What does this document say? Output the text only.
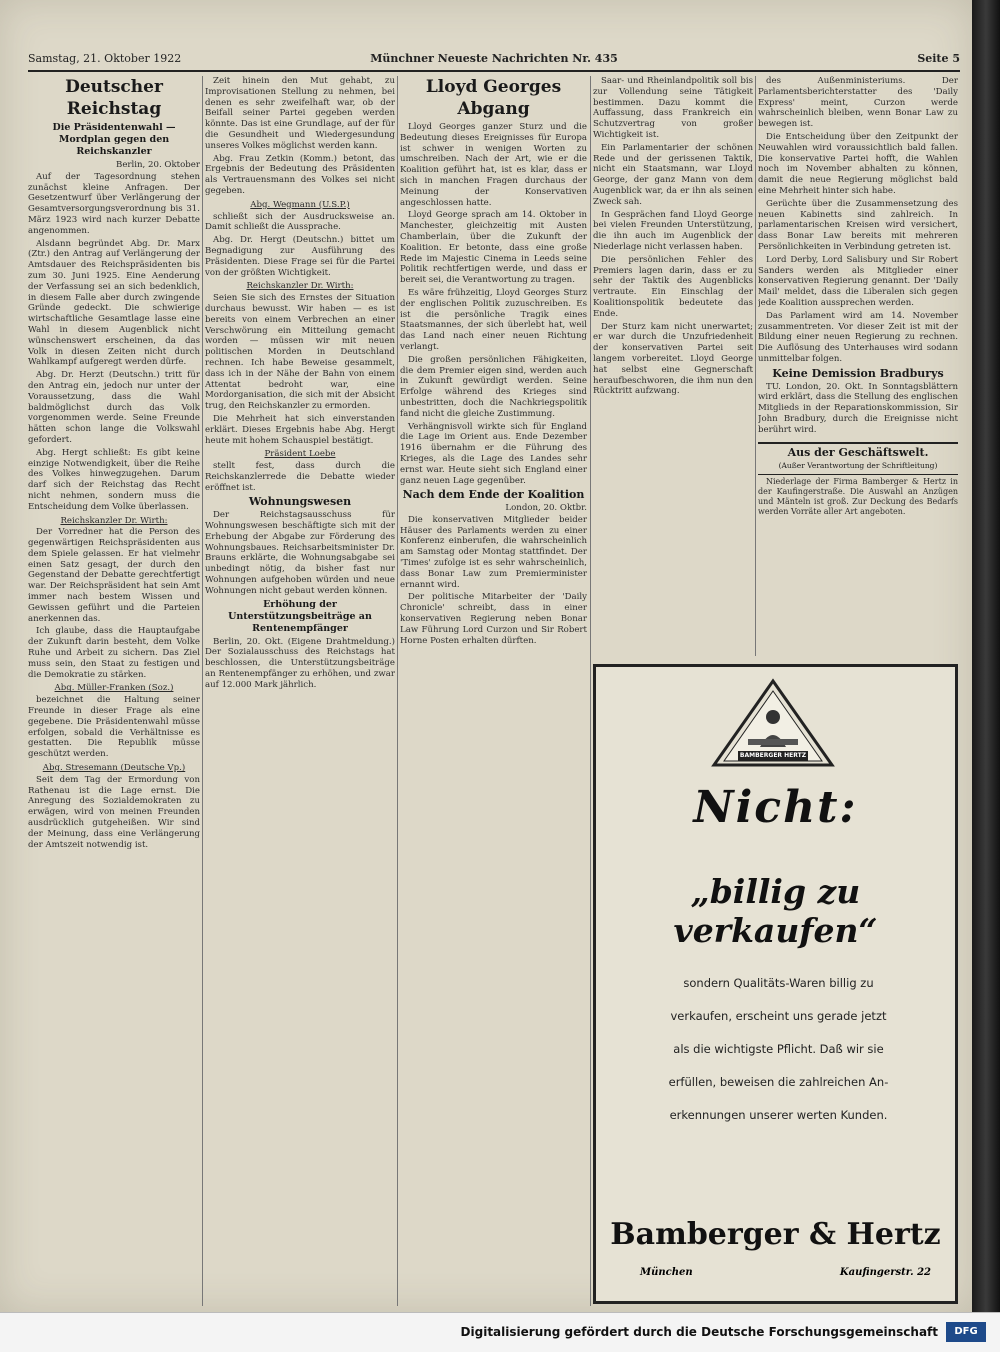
Samstag, 21. Oktober 1922	Münchner Neueste Nachrichten Nr. 435	Seite 5
Deutscher Reichstag
Die Präsidentenwahl — Mordplan gegen den Reichskanzler
Berlin, 20. Oktober

Auf der Tagesordnung stehen zunächst kleine Anfragen. Der Gesetzentwurf über Verlängerung der Gesamtversorgungsverordnung bis 31. März 1923 wird nach kurzer Debatte angenommen.

Alsdann begründet Abg. Dr. Marx (Ztr.) den Antrag auf Verlängerung der Amtsdauer des Reichspräsidenten bis zum 30. Juni 1925. Eine Aenderung der Verfassung sei an sich bedenklich, in diesem Falle aber durch zwingende Gründe gedeckt. Die schwierige wirtschaftliche Gesamtlage lasse eine Wahl in diesem Augenblick nicht wünschenswert erscheinen, da das Volk in diesen Zeiten nicht durch Wahlkampf aufgeregt werden dürfe.

Abg. Dr. Herzt (Deutschn.) tritt für den Antrag ein, jedoch nur unter der Voraussetzung, dass die Wahl baldmöglichst durch das Volk vorgenommen werde. Seine Freunde hätten schon lange die Volkswahl gefordert.

Abg. Hergt schließt: Es gibt keine einzige Notwendigkeit, über die Reihe des Volkes hinwegzugehen. Darum darf sich der Reichstag das Recht nicht nehmen, sondern muss die Entscheidung dem Volke überlassen.

Reichskanzler Dr. Wirth:

Der Vorredner hat die Person des gegenwärtigen Reichspräsidenten aus dem Spiele gelassen. Er hat vielmehr einen Satz gesagt, der durch den Gegenstand der Debatte gerechtfertigt war. Der Reichspräsident hat sein Amt immer nach bestem Wissen und Gewissen geführt und die Parteien anerkennen das.

Ich glaube, dass die Hauptaufgabe der Zukunft darin besteht, dem Volke Ruhe und Arbeit zu sichern. Das Ziel muss sein, den Staat zu festigen und die Demokratie zu stärken.

Abg. Müller-Franken (Soz.)

bezeichnet die Haltung seiner Freunde in dieser Frage als eine gegebene. Die Präsidentenwahl müsse erfolgen, sobald die Verhältnisse es gestatten. Die Republik müsse geschützt werden.

Abg. Stresemann (Deutsche Vp.)

Seit dem Tag der Ermordung von Rathenau ist die Lage ernst. Die Anregung des Sozialdemokraten zu erwägen, wird von meinen Freunden ausdrücklich gutgeheißen. Wir sind der Meinung, dass eine Verlängerung der Amtszeit notwendig ist.

Zeit hinein den Mut gehabt, zu Improvisationen Stellung zu nehmen, bei denen es sehr zweifelhaft war, ob der Beifall seiner Partei gegeben werden könnte. Das ist eine Grundlage, auf der für die Gesundheit und Wiedergesundung unseres Volkes möglichst werden kann.

Abg. Frau Zetkin (Komm.) betont, das Ergebnis der Bedeutung des Präsidenten als Vertrauensmann des Volkes sei nicht gegeben.

Abg. Wegmann (U.S.P.)

schließt sich der Ausdrucksweise an. Damit schließt die Aussprache.

Abg. Dr. Hergt (Deutschn.) bittet um Begnadigung zur Ausführung des Präsidenten. Diese Frage sei für die Partei von der größten Wichtigkeit.

Reichskanzler Dr. Wirth:

Seien Sie sich des Ernstes der Situation durchaus bewusst. Wir haben — es ist bereits von einem Verbrechen an einer Verschwörung ein Mitteilung gemacht worden — müssen wir mit neuen politischen Morden in Deutschland rechnen. Ich habe Beweise gesammelt, dass ich in der Nähe der Bahn von einem Attentat bedroht war, eine Mordorganisation, die sich mit der Absicht trug, den Reichskanzler zu ermorden.

Die Mehrheit hat sich einverstanden erklärt. Dieses Ergebnis habe Abg. Hergt heute mit hohem Schauspiel bestätigt.

Präsident Loebe

stellt fest, dass durch die Reichskanzlerrede die Debatte wieder eröffnet ist.

Wohnungswesen

Der Reichstagsausschuss für Wohnungswesen beschäftigte sich mit der Erhebung der Abgabe zur Förderung des Wohnungsbaues. Reichsarbeitsminister Dr. Brauns erklärte, die Wohnungsabgabe sei unbedingt nötig, da bisher fast nur Wohnungen aufgehoben würden und neue Wohnungen nicht gebaut werden können.

Erhöhung der Unterstützungsbeiträge an Rentenempfänger

Berlin, 20. Okt. (Eigene Drahtmeldung.) Der Sozialausschuss des Reichstags hat beschlossen, die Unterstützungsbeiträge an Rentenempfänger zu erhöhen, und zwar auf 12.000 Mark jährlich.

Lloyd Georges Abgang

Lloyd Georges ganzer Sturz und die Bedeutung dieses Ereignisses für Europa ist schwer in wenigen Worten zu umschreiben. Nach der Art, wie er die Koalition geführt hat, ist es klar, dass er sich in manchen Fragen durchaus der Meinung der Konservativen angeschlossen hatte.

Lloyd George sprach am 14. Oktober in Manchester, gleichzeitig mit Austen Chamberlain, über die Zukunft der Koalition. Er betonte, dass eine große Rede im Majestic Cinema in Leeds seine Politik rechtfertigen werde, und dass er bereit sei, die Verantwortung zu tragen.

Es wäre frühzeitig, Lloyd Georges Sturz der englischen Politik zuzuschreiben. Es ist die persönliche Tragik eines Staatsmannes, der sich überlebt hat, weil das Land nach einer neuen Richtung verlangt.

Die großen persönlichen Fähigkeiten, die dem Premier eigen sind, werden auch in Zukunft gewürdigt werden. Seine Erfolge während des Krieges sind unbestritten, doch die Nachkriegspolitik fand nicht die gleiche Zustimmung.

Verhängnisvoll wirkte sich für England die Lage im Orient aus. Ende Dezember 1916 übernahm er die Führung des Krieges, als die Lage des Landes sehr ernst war. Heute sieht sich England einer ganz neuen Lage gegenüber.

Nach dem Ende der Koalition
London, 20. Oktbr.

Die konservativen Mitglieder beider Häuser des Parlaments werden zu einer Konferenz einberufen, die wahrscheinlich am Samstag oder Montag stattfindet. Der 'Times' zufolge ist es sehr wahrscheinlich, dass Bonar Law zum Premierminister ernannt wird.

Der politische Mitarbeiter der 'Daily Chronicle' schreibt, dass in einer konservativen Regierung neben Bonar Law Führung Lord Curzon und Sir Robert Horne Posten erhalten dürften.

Saar- und Rheinlandpolitik soll bis zur Vollendung seine Tätigkeit bestimmen. Dazu kommt die Auffassung, dass Frankreich ein Schutzvertrag von großer Wichtigkeit ist.

Ein Parlamentarier der schönen Rede und der gerissenen Taktik, nicht ein Staatsmann, war Lloyd George, der ganz Mann von dem Augenblick war, da er ihn als seinen Zweck sah.

In Gesprächen fand Lloyd George bei vielen Freunden Unterstützung, die ihn auch im Augenblick der Niederlage nicht verlassen haben.

Die persönlichen Fehler des Premiers lagen darin, dass er zu sehr der Taktik des Augenblicks vertraute. Ein Einschlag der Koalitionspolitik bedeutete das Ende.

Der Sturz kam nicht unerwartet; er war durch die Unzufriedenheit der konservativen Partei seit langem vorbereitet. Lloyd George hat selbst eine Gegnerschaft heraufbeschworen, die ihm nun den Rücktritt aufzwang.

des Außenministeriums. Der Parlamentsberichterstatter des 'Daily Express' meint, Curzon werde wahrscheinlich bleiben, wenn Bonar Law zu bewegen ist.

Die Entscheidung über den Zeitpunkt der Neuwahlen wird voraussichtlich bald fallen. Die konservative Partei hofft, die Wahlen noch im November abhalten zu können, damit die neue Regierung möglichst bald eine Mehrheit hinter sich habe.

Gerüchte über die Zusammensetzung des neuen Kabinetts sind zahlreich. In parlamentarischen Kreisen wird versichert, dass Bonar Law bereits mit mehreren Persönlichkeiten in Verbindung getreten ist.

Lord Derby, Lord Salisbury und Sir Robert Sanders werden als Mitglieder einer konservativen Regierung genannt. Der 'Daily Mail' meldet, dass die Liberalen sich gegen jede Koalition aussprechen werden.

Das Parlament wird am 14. November zusammentreten. Vor dieser Zeit ist mit der Bildung einer neuen Regierung zu rechnen. Die Auflösung des Unterhauses wird sodann unmittelbar folgen.

Keine Demission Bradburys

TU. London, 20. Okt. In Sonntagsblättern wird erklärt, dass die Stellung des englischen Mitglieds in der Reparationskommission, Sir John Bradbury, durch die Ereignisse nicht berührt wird.

Aus der Geschäftswelt.
(Außer Verantwortung der Schriftleitung)

Niederlage der Firma Bamberger & Hertz in der Kaufingerstraße. Die Auswahl an Anzügen und Mänteln ist groß. Zur Deckung des Bedarfs werden Vorräte aller Art angeboten.

BAMBERGER HERTZ
Nicht:
„billig zu verkaufen“
sondern Qualitäts-Waren billig zu
verkaufen, erscheint uns gerade jetzt
als die wichtigste Pflicht. Daß wir sie
erfüllen, beweisen die zahlreichen An-
erkennungen unserer werten Kunden.
Bamberger & Hertz
München	Kaufingerstr. 22
Digitalisierung gefördert durch die Deutsche Forschungsgemeinschaft	DFG
